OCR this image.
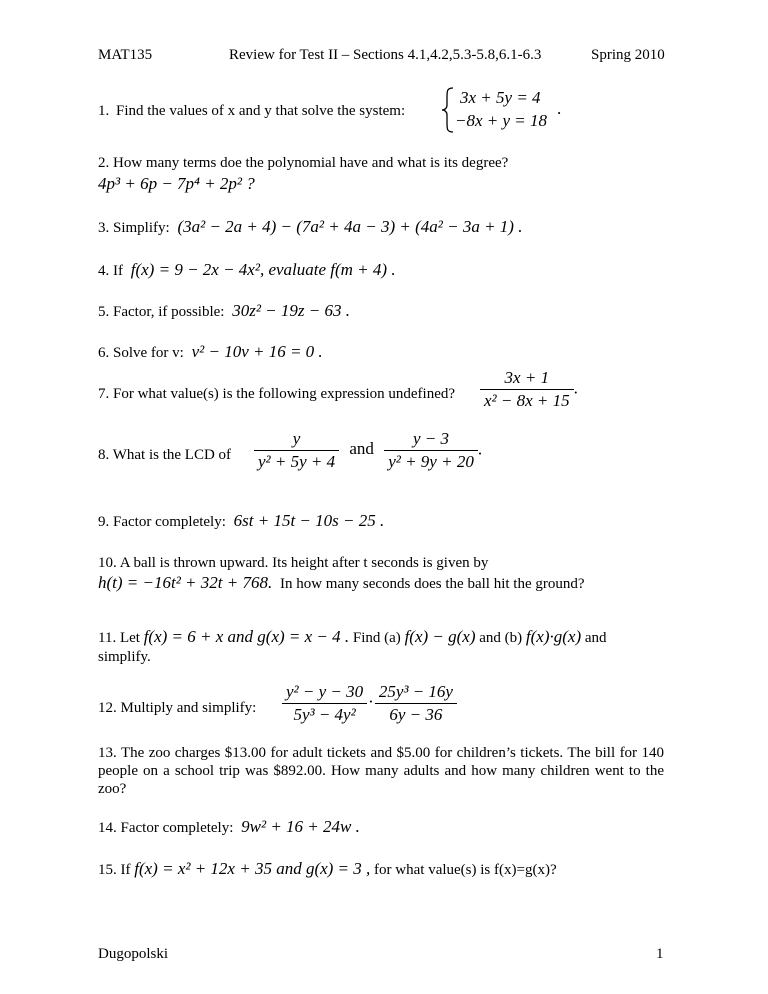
MAT135	Review for Test II – Sections 4.1,4.2,5.3-5.8,6.1-6.3	Spring 2010
1. Find the values of x and y that solve the system:
3x + 5y = 4
−8x + y = 18
.
2. How many terms doe the polynomial have and what is its degree?
4p³ + 6p − 7p⁴ + 2p² ?
3. Simplify: (3a² − 2a + 4) − (7a² + 4a − 3) + (4a² − 3a + 1) .
4. If f(x) = 9 − 2x − 4x², evaluate f(m + 4) .
5. Factor, if possible: 30z² − 19z − 63 .
6. Solve for v: v² − 10v + 16 = 0 .
7. For what value(s) is the following expression undefined? $\frac{3x + 1}{\text{x² − 8x + 15}}$ .
8. What is the LCD of $\frac{y}{\text{y² + 5y + 4}}$ and $\frac{y - 3}{\text{y² + 9y + 20}}$ .
9. Factor completely: 6st + 15t − 10s − 25 .
10. A ball is thrown upward. Its height after t seconds is given by
h(t) = −16t² + 32t + 768. In how many seconds does the ball hit the ground?
11. Let f(x) = 6 + x and g(x) = x − 4 . Find (a) f(x) − g(x) and (b) f(x)·g(x) and
simplify.
12. Multiply and simplify: $\frac{\text{y² − y − 30}}{\text{5y³ − 4y²}} \cdot \frac{\text{25y³ − 16y}}{6y - 36}$
13. The zoo charges $13.00 for adult tickets and $5.00 for children’s tickets. The bill for 140 people on a school trip was $892.00. How many adults and how many children went to the zoo?
14. Factor completely: 9w² + 16 + 24w .
15. If f(x) = x² + 12x + 35 and g(x) = 3 , for what value(s) is f(x)=g(x)?
Dugopolski	1
